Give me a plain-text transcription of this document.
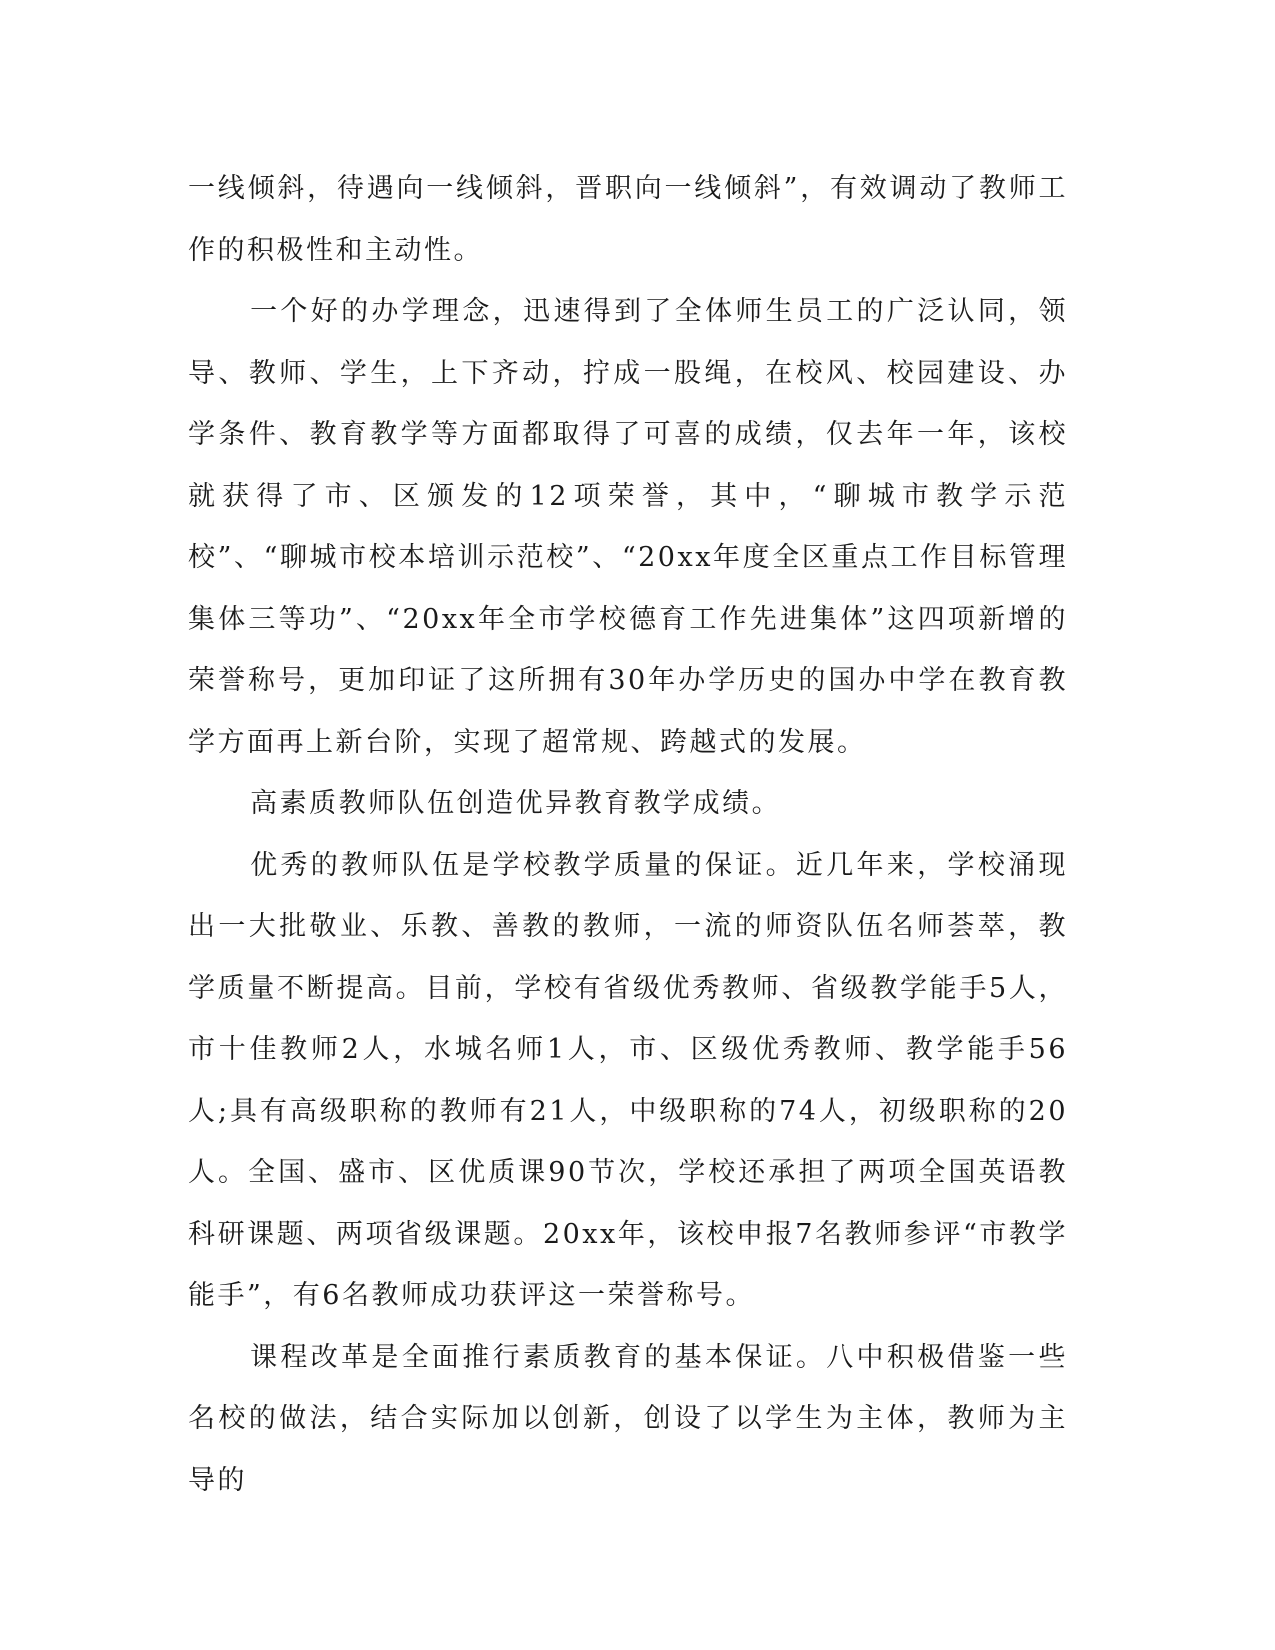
一线倾斜，待遇向一线倾斜，晋职向一线倾斜”，有效调动了教师工作的积极性和主动性。

一个好的办学理念，迅速得到了全体师生员工的广泛认同，领导、教师、学生，上下齐动，拧成一股绳，在校风、校园建设、办学条件、教育教学等方面都取得了可喜的成绩，仅去年一年，该校就获得了市、区颁发的12项荣誉，其中，“聊城市教学示范校”、“聊城市校本培训示范校”、“20xx年度全区重点工作目标管理集体三等功”、“20xx年全市学校德育工作先进集体”这四项新增的荣誉称号，更加印证了这所拥有30年办学历史的国办中学在教育教学方面再上新台阶，实现了超常规、跨越式的发展。

高素质教师队伍创造优异教育教学成绩。

优秀的教师队伍是学校教学质量的保证。近几年来，学校涌现出一大批敬业、乐教、善教的教师，一流的师资队伍名师荟萃，教学质量不断提高。目前，学校有省级优秀教师、省级教学能手5人，市十佳教师2人，水城名师1人，市、区级优秀教师、教学能手56人;具有高级职称的教师有21人，中级职称的74人，初级职称的20人。全国、盛市、区优质课90节次，学校还承担了两项全国英语教科研课题、两项省级课题。20xx年，该校申报7名教师参评“市教学能手”，有6名教师成功获评这一荣誉称号。

课程改革是全面推行素质教育的基本保证。八中积极借鉴一些名校的做法，结合实际加以创新，创设了以学生为主体，教师为主导的
